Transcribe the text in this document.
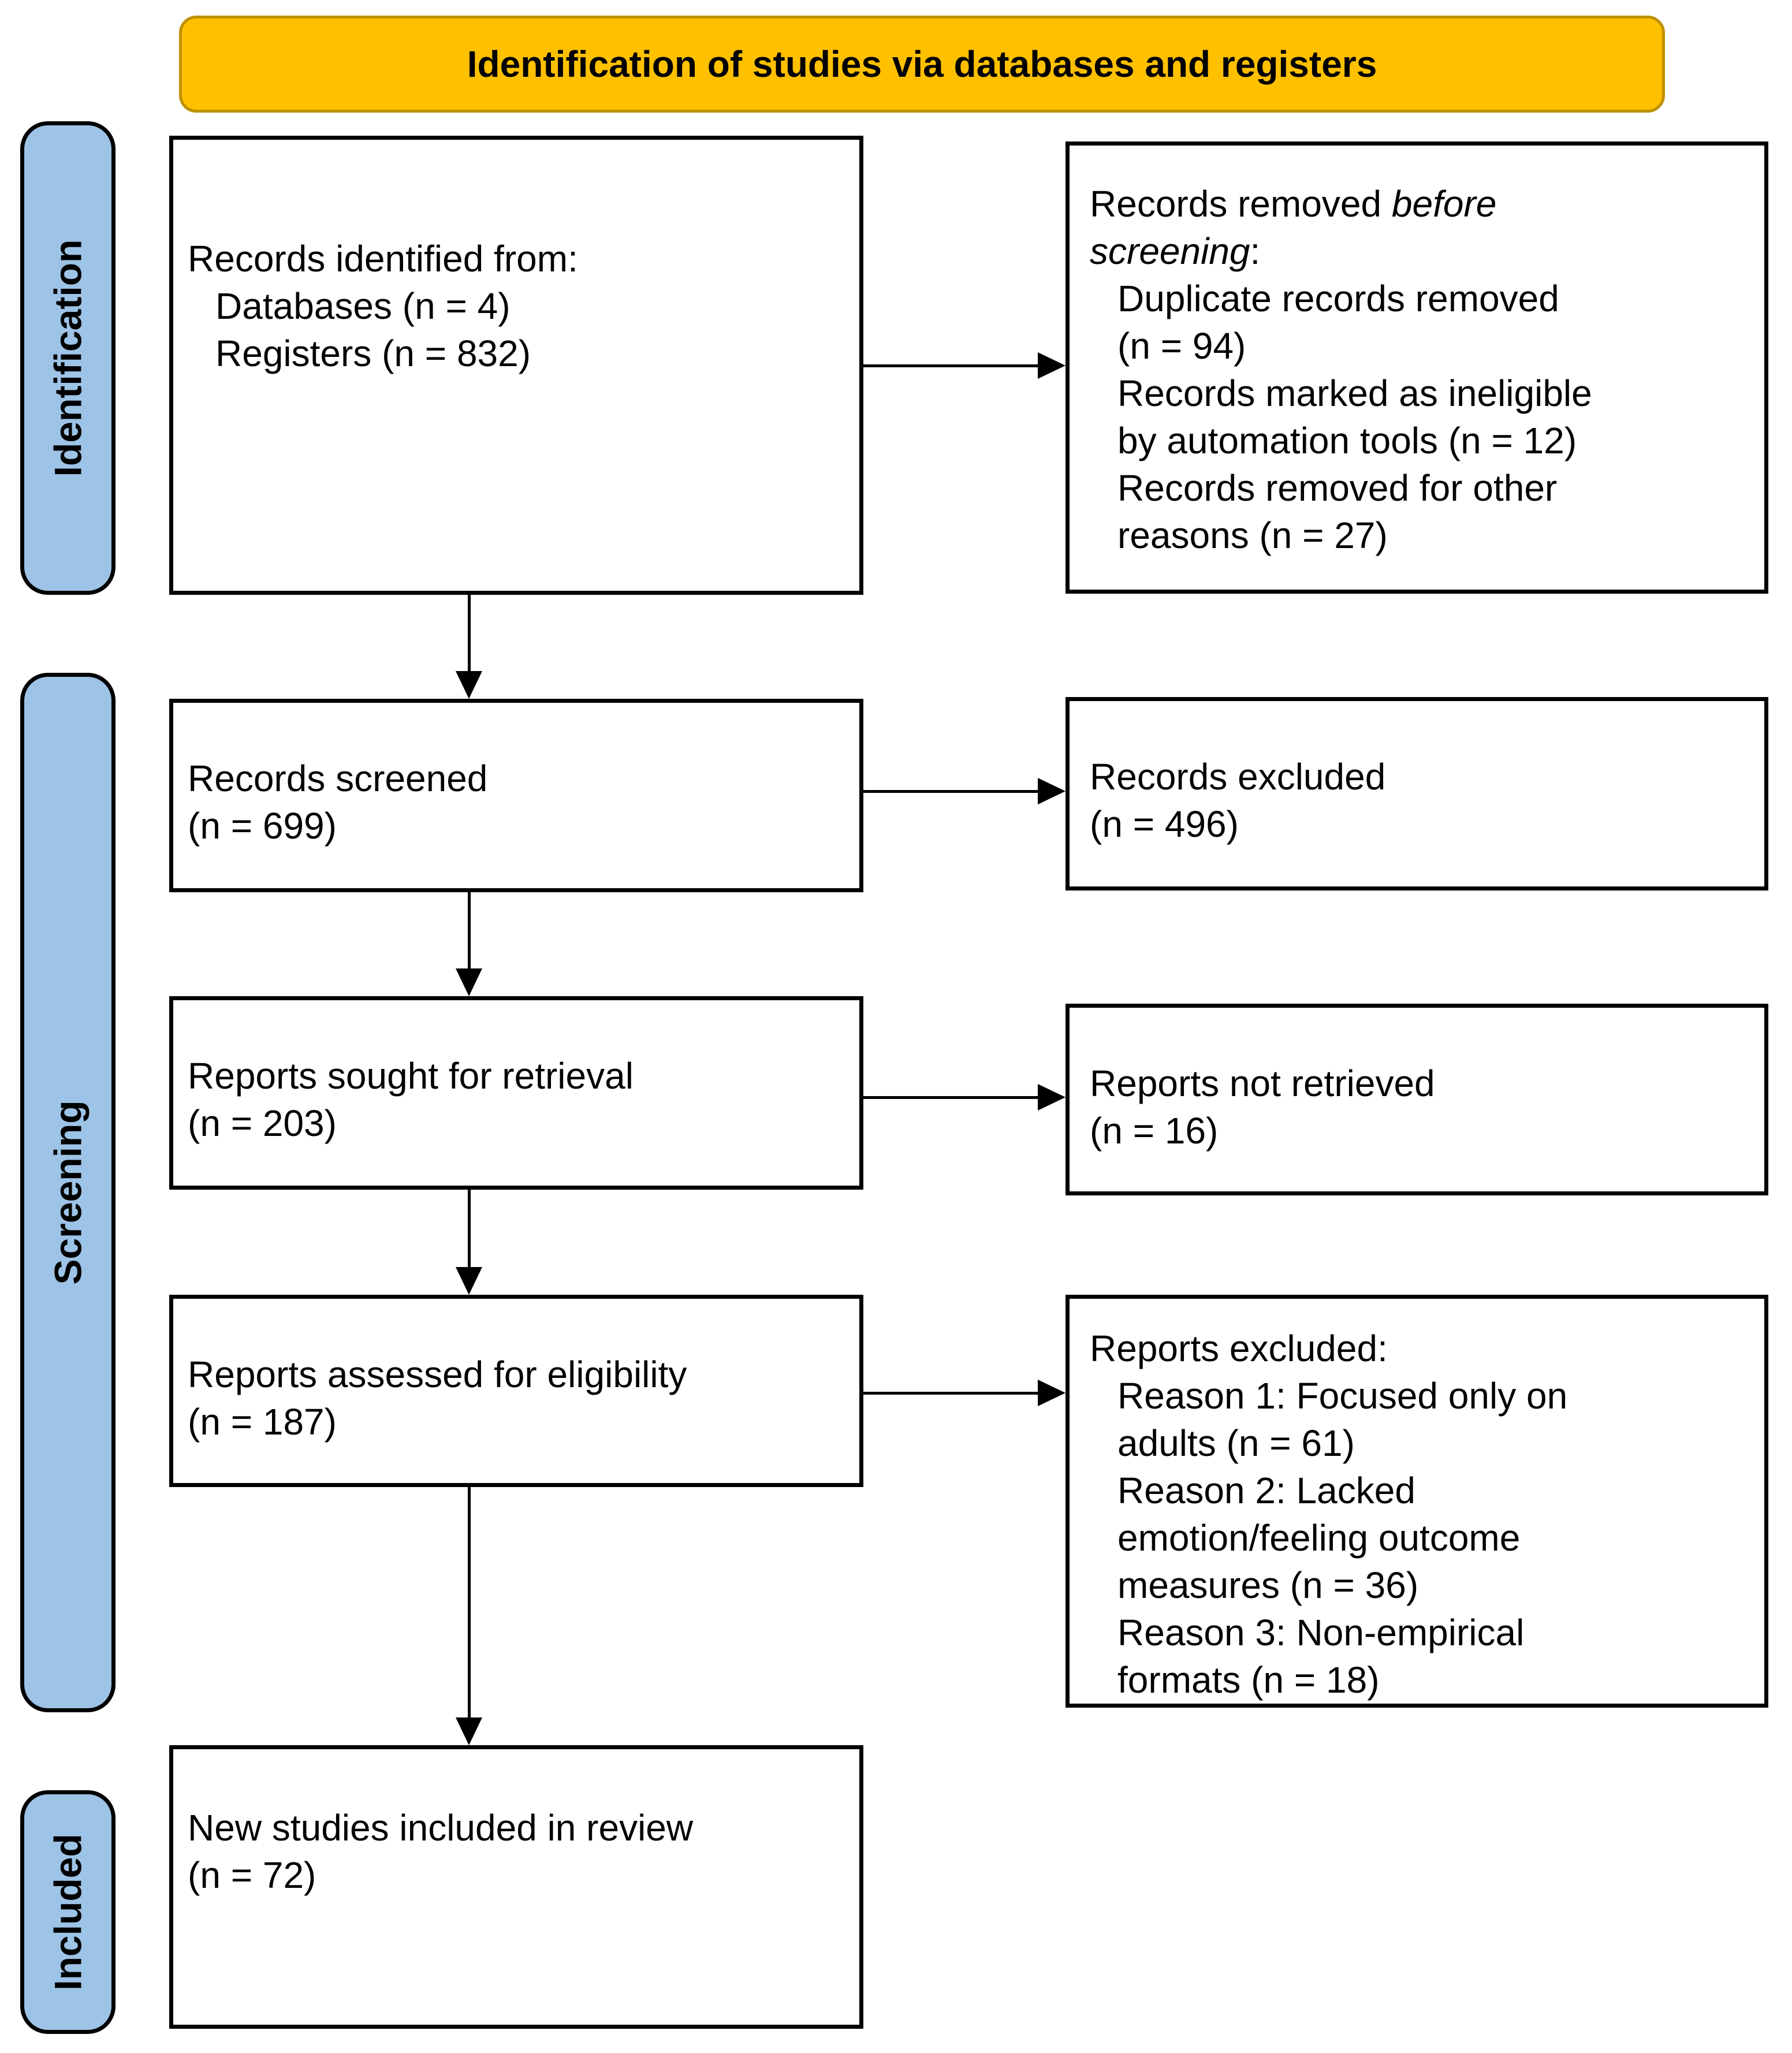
Identification of studies via databases and registers
Identification
Screening
Included
Records identified from:
Databases (n = 4)
Registers (n = 832)
Records removed before
screening:
Duplicate records removed
(n = 94)
Records marked as ineligible
by automation tools (n = 12)
Records removed for other
reasons (n = 27)
Records screened
(n = 699)
Records excluded
(n = 496)
Reports sought for retrieval
(n = 203)
Reports not retrieved
(n = 16)
Reports assessed for eligibility
(n = 187)
Reports excluded:
Reason 1: Focused only on
adults (n = 61)
Reason 2: Lacked
emotion/feeling outcome
measures (n = 36)
Reason 3: Non-empirical
formats (n = 18)
New studies included in review
(n = 72)
